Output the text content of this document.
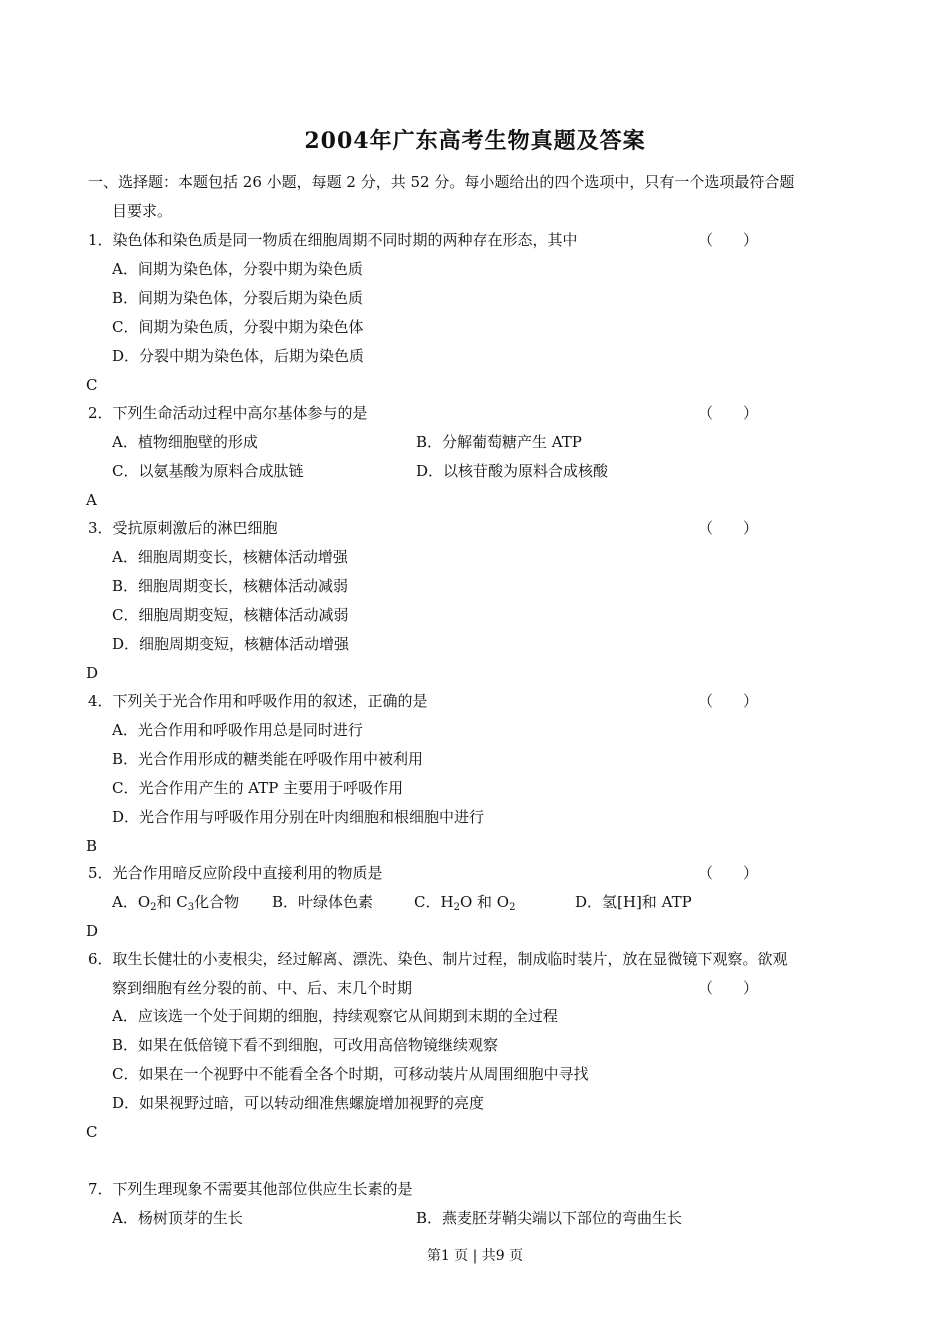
2004年广东高考生物真题及答案
一、选择题：本题包括 26 小题，每题 2 分，共 52 分。每小题给出的四个选项中，只有一个选项最符合题
目要求。
1．染色体和染色质是同一物质在细胞周期不同时期的两种存在形态，其中	（　　）
A．间期为染色体，分裂中期为染色质
B．间期为染色体，分裂后期为染色质
C．间期为染色质，分裂中期为染色体
D．分裂中期为染色体，后期为染色质
C
2．下列生命活动过程中高尔基体参与的是	（　　）
A．植物细胞壁的形成	B．分解葡萄糖产生 ATP
C．以氨基酸为原料合成肽链	D．以核苷酸为原料合成核酸
A
3．受抗原刺激后的淋巴细胞	（　　）
A．细胞周期变长，核糖体活动增强
B．细胞周期变长，核糖体活动减弱
C．细胞周期变短，核糖体活动减弱
D．细胞周期变短，核糖体活动增强
D
4．下列关于光合作用和呼吸作用的叙述，正确的是	（　　）
A．光合作用和呼吸作用总是同时进行
B．光合作用形成的糖类能在呼吸作用中被利用
C．光合作用产生的 ATP 主要用于呼吸作用
D．光合作用与呼吸作用分别在叶肉细胞和根细胞中进行
B
5．光合作用暗反应阶段中直接利用的物质是	（　　）
A．$O_2$和 $C_3$化合物 B．叶绿体色素	C．$H_2O$ 和 $O_2$	D．氢[H]和 ATP
D
6．取生长健壮的小麦根尖，经过解离、漂洗、染色、制片过程，制成临时装片，放在显微镜下观察。欲观
察到细胞有丝分裂的前、中、后、末几个时期	（　　）
A．应该选一个处于间期的细胞，持续观察它从间期到末期的全过程
B．如果在低倍镜下看不到细胞，可改用高倍物镜继续观察
C．如果在一个视野中不能看全各个时期，可移动装片从周围细胞中寻找
D．如果视野过暗，可以转动细准焦螺旋增加视野的亮度
C
7．下列生理现象不需要其他部位供应生长素的是
A．杨树顶芽的生长	B．燕麦胚芽鞘尖端以下部位的弯曲生长
第1 页 | 共9 页
